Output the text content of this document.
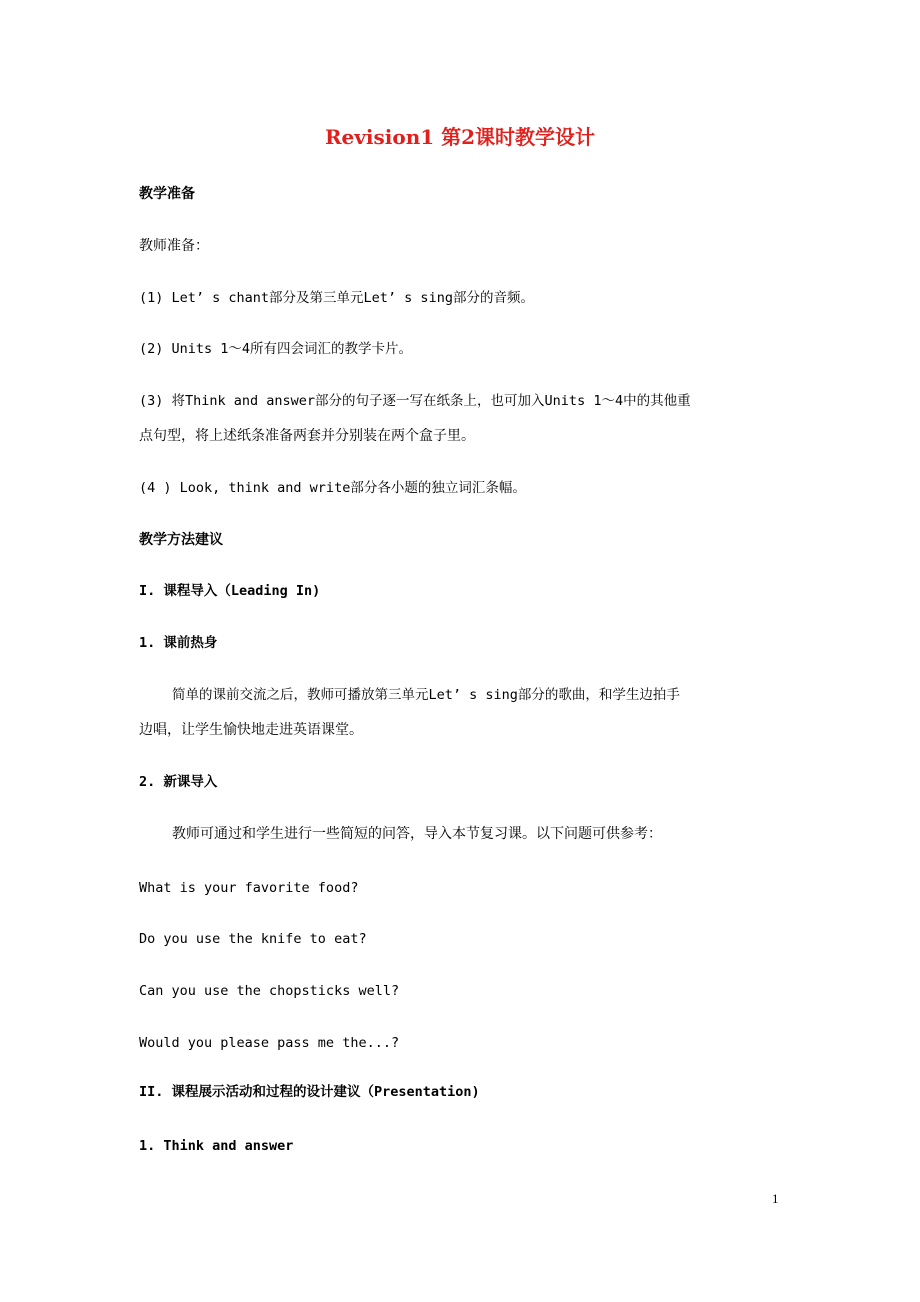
Revision1 第2课时教学设计
教学准备
教师准备：
(1) Let’ s chant部分及第三单元Let’ s sing部分的音频。
(2) Units 1～4所有四会词汇的教学卡片。
(3) 将Think and answer部分的句子逐一写在纸条上，也可加入Units 1～4中的其他重
点句型，将上述纸条准备两套并分别装在两个盒子里。
(4 ) Look, think and write部分各小题的独立词汇条幅。
教学方法建议
I. 课程导入（Leading In)
1. 课前热身
简单的课前交流之后，教师可播放第三单元Let’ s sing部分的歌曲，和学生边拍手
边唱，让学生愉快地走进英语课堂。
2. 新课导入
教师可通过和学生进行一些简短的问答，导入本节复习课。以下问题可供参考：
What is your favorite food?
Do you use the knife to eat?
Can you use the chopsticks well?
Would you please pass me the...?
II. 课程展示活动和过程的设计建议（Presentation)
1. Think and answer
1
